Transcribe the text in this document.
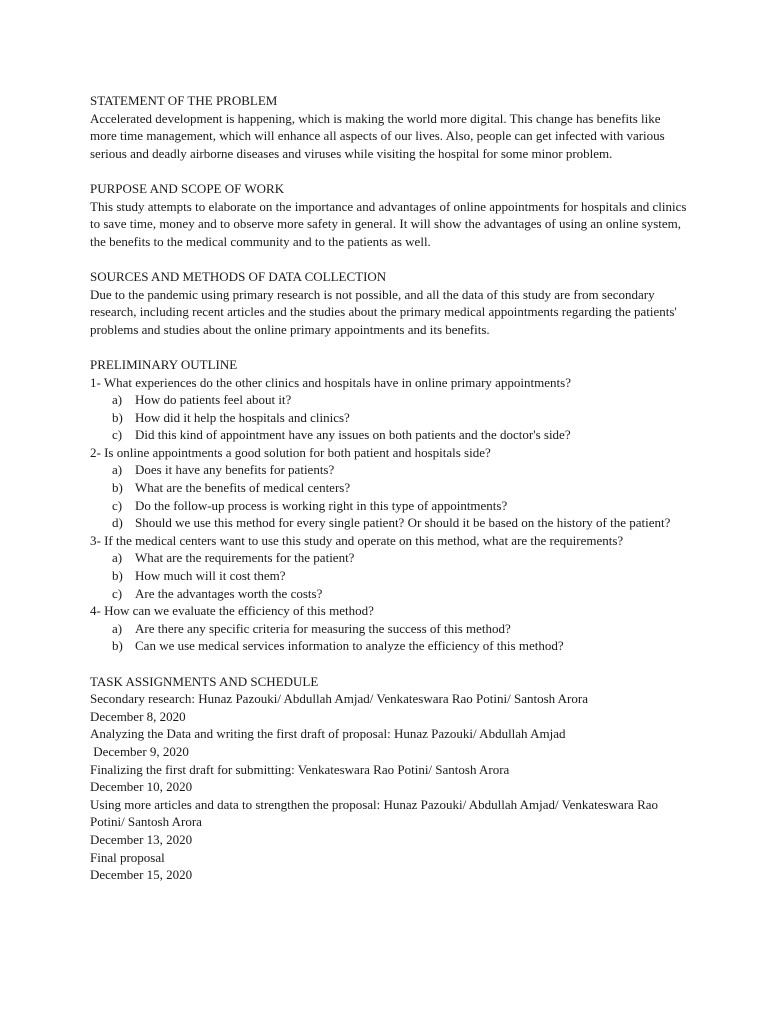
STATEMENT OF THE PROBLEM
Accelerated development is happening, which is making the world more digital. This change has benefits like more time management, which will enhance all aspects of our lives. Also, people can get infected with various serious and deadly airborne diseases and viruses while visiting the hospital for some minor problem.
PURPOSE AND SCOPE OF WORK
This study attempts to elaborate on the importance and advantages of online appointments for hospitals and clinics to save time, money and to observe more safety in general. It will show the advantages of using an online system, the benefits to the medical community and to the patients as well.
SOURCES AND METHODS OF DATA COLLECTION
Due to the pandemic using primary research is not possible, and all the data of this study are from secondary research, including recent articles and the studies about the primary medical appointments regarding the patients' problems and studies about the online primary appointments and its benefits.
PRELIMINARY OUTLINE
1- What experiences do the other clinics and hospitals have in online primary appointments?
a) How do patients feel about it?
b) How did it help the hospitals and clinics?
c) Did this kind of appointment have any issues on both patients and the doctor's side?
2- Is online appointments a good solution for both patient and hospitals side?
a) Does it have any benefits for patients?
b) What are the benefits of medical centers?
c) Do the follow-up process is working right in this type of appointments?
d) Should we use this method for every single patient? Or should it be based on the history of the patient?
3- If the medical centers want to use this study and operate on this method, what are the requirements?
a) What are the requirements for the patient?
b) How much will it cost them?
c) Are the advantages worth the costs?
4- How can we evaluate the efficiency of this method?
a) Are there any specific criteria for measuring the success of this method?
b) Can we use medical services information to analyze the efficiency of this method?
TASK ASSIGNMENTS AND SCHEDULE
Secondary research: Hunaz Pazouki/ Abdullah Amjad/ Venkateswara Rao Potini/ Santosh Arora
December 8, 2020
Analyzing the Data and writing the first draft of proposal: Hunaz Pazouki/ Abdullah Amjad
December 9, 2020
Finalizing the first draft for submitting: Venkateswara Rao Potini/ Santosh Arora
December 10, 2020
Using more articles and data to strengthen the proposal: Hunaz Pazouki/ Abdullah Amjad/ Venkateswara Rao Potini/ Santosh Arora
December 13, 2020
Final proposal
December 15, 2020
